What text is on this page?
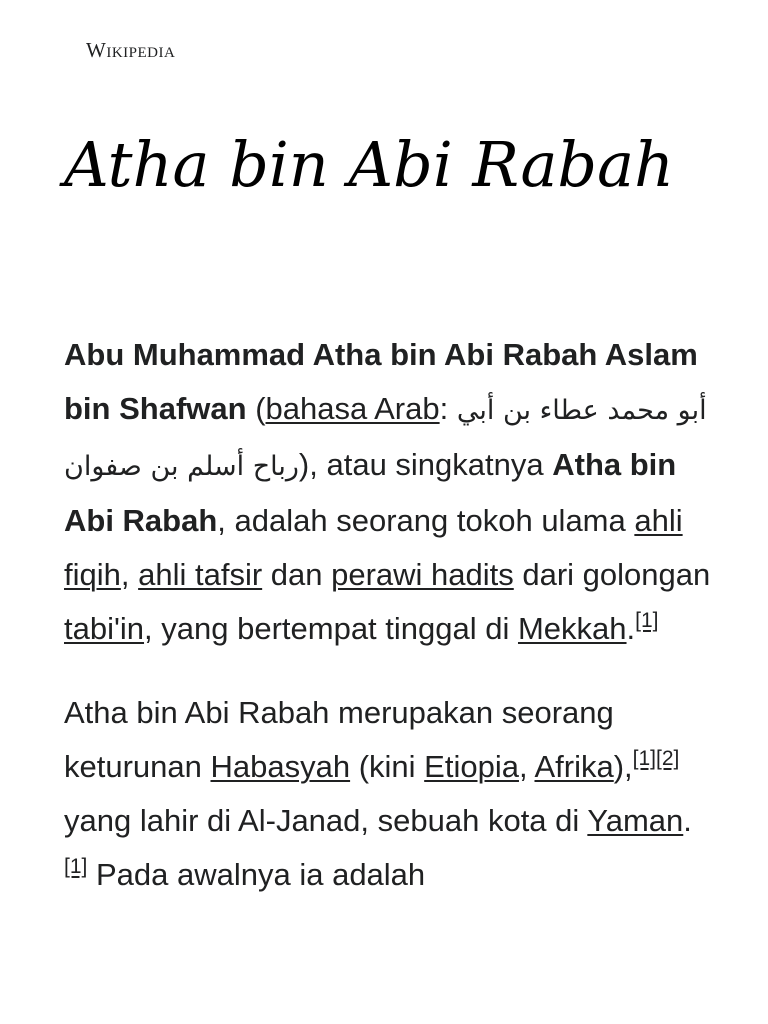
Wikipedia
Atha bin Abi Rabah

Abu Muhammad Atha bin Abi Rabah Aslam bin Shafwan (bahasa Arab: أبو محمد عطاء بن أبي رباح أسلم بن صفوان), atau singkatnya Atha bin Abi Rabah, adalah seorang tokoh ulama ahli fiqih, ahli tafsir dan perawi hadits dari golongan tabi'in, yang bertempat tinggal di Mekkah.[1]

Atha bin Abi Rabah merupakan seorang keturunan Habasyah (kini Etiopia, Afrika),[1][2] yang lahir di Al-Janad, sebuah kota di Yaman.[1] Pada awalnya ia adalah
